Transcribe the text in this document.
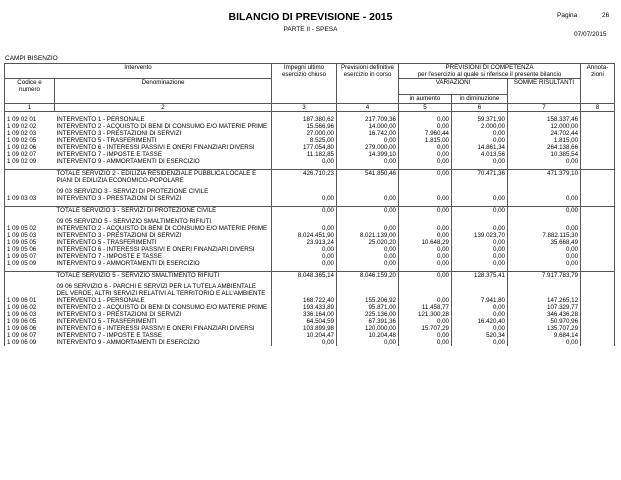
BILANCIO DI PREVISIONE - 2015	Pagina	26
PARTE II - SPESA
07/07/2015
CAMPI BISENZIO
Intervento		Impegni ultimo esercizio chiuso	Previsioni definitive esercizio in corso	PREVISIONI DI COMPETENZA
per l'esercizio al quale si riferisce il presente bilancio			Annota-zioni
Codice e numero	Denominazione			VARIAZIONI		SOMME RISULTANTI	
				in aumento	in diminuzione		
1	2	3	4	5	6	7	8

1 09 02 01	INTERVENTO 1 - PERSONALE	187.380,62	217.709,36	0,00	59.371,90	158.337,46	
1 09 02 02	INTERVENTO 2 - ACQUISTO DI BENI DI CONSUMO E/O MATERIE PRIME	15.566,96	14.000,00	0,00	2.000,00	12.000,00	
1 09 02 03	INTERVENTO 3 - PRESTAZIONI DI SERVIZI	27.000,00	16.742,00	7.960,44	0,00	24.702,44	
1 09 02 05	INTERVENTO 5 - TRASFERIMENTI	8.525,00	0,00	1.815,00	0,00	1.815,00	
1 09 02 06	INTERVENTO 6 - INTERESSI PASSIVI E ONERI FINANZIARI DIVERSI	177.054,80	279.000,00	0,00	14.861,34	264.138,66	
1 09 02 07	INTERVENTO 7 - IMPOSTE E TASSE	11.182,85	14.399,10	0,00	4.013,56	10.385,54	
1 09 02 09	INTERVENTO 9 - AMMORTAMENTI DI ESERCIZIO	0,00	0,00	0,00	0,00	0,00	

	TOTALE SERVIZIO 2 - EDILIZIA RESIDENZIALE PUBBLICA LOCALE E PIANI DI EDILIZIA ECONOMICO-POPOLARE	426.710,23	541.850,46	0,00	70.471,36	471.379,10	

	09 03 SERVIZIO 3 - SERVIZI DI PROTEZIONE CIVILE						
1 09 03 03	INTERVENTO 3 - PRESTAZIONI DI SERVIZI	0,00	0,00	0,00	0,00	0,00	

	TOTALE SERVIZIO 3 - SERVIZI DI PROTEZIONE CIVILE	0,00	0,00	0,00	0,00	0,00	

	09 05 SERVIZIO 5 - SERVIZIO SMALTIMENTO RIFIUTI						
1 09 05 02	INTERVENTO 2 - ACQUISTO DI BENI DI CONSUMO E/O MATERIE PRIME	0,00	0,00	0,00	0,00	0,00	
1 09 05 03	INTERVENTO 3 - PRESTAZIONI DI SERVIZI	8.024.451,90	8.021.139,00	0,00	139.023,70	7.882.115,30	
1 09 05 05	INTERVENTO 5 - TRASFERIMENTI	23.913,24	25.020,20	10.648,29	0,00	35.668,49	
1 09 05 06	INTERVENTO 6 - INTERESSI PASSIVI E ONERI FINANZIARI DIVERSI	0,00	0,00	0,00	0,00	0,00	
1 09 05 07	INTERVENTO 7 - IMPOSTE E TASSE	0,00	0,00	0,00	0,00	0,00	
1 09 05 09	INTERVENTO 9 - AMMORTAMENTI DI ESERCIZIO	0,00	0,00	0,00	0,00	0,00	

	TOTALE SERVIZIO 5 - SERVIZIO SMALTIMENTO RIFIUTI	8.048.365,14	8.046.159,20	0,00	128.375,41	7.917.783,79	

	09 06 SERVIZIO 6 - PARCHI E SERVIZI PER LA TUTELA AMBIENTALE DEL VERDE, ALTRI SERVIZI RELATIVI AL TERRITORIO E ALL'AMBIENTE						
1 09 06 01	INTERVENTO 1 - PERSONALE	168.722,40	155.206,92	0,00	7.941,80	147.265,12	
1 09 06 02	INTERVENTO 2 - ACQUISTO DI BENI DI CONSUMO E/O MATERIE PRIME	193.433,89	95.871,00	11.458,77	0,00	107.329,77	
1 09 06 03	INTERVENTO 3 - PRESTAZIONI DI SERVIZI	336.164,00	225.136,00	121.300,28	0,00	346.436,28	
1 09 06 05	INTERVENTO 5 - TRASFERIMENTI	64.504,59	67.391,36	0,00	16.420,40	50.970,96	
1 09 06 06	INTERVENTO 6 - INTERESSI PASSIVI E ONERI FINANZIARI DIVERSI	103.899,98	120.000,00	15.707,29	0,00	135.707,29	
1 09 06 07	INTERVENTO 7 - IMPOSTE E TASSE	10.204,47	10.204,48	0,00	520,34	9.684,14	
1 09 06 09	INTERVENTO 9 - AMMORTAMENTI DI ESERCIZIO	0,00	0,00	0,00	0,00	0,00	
